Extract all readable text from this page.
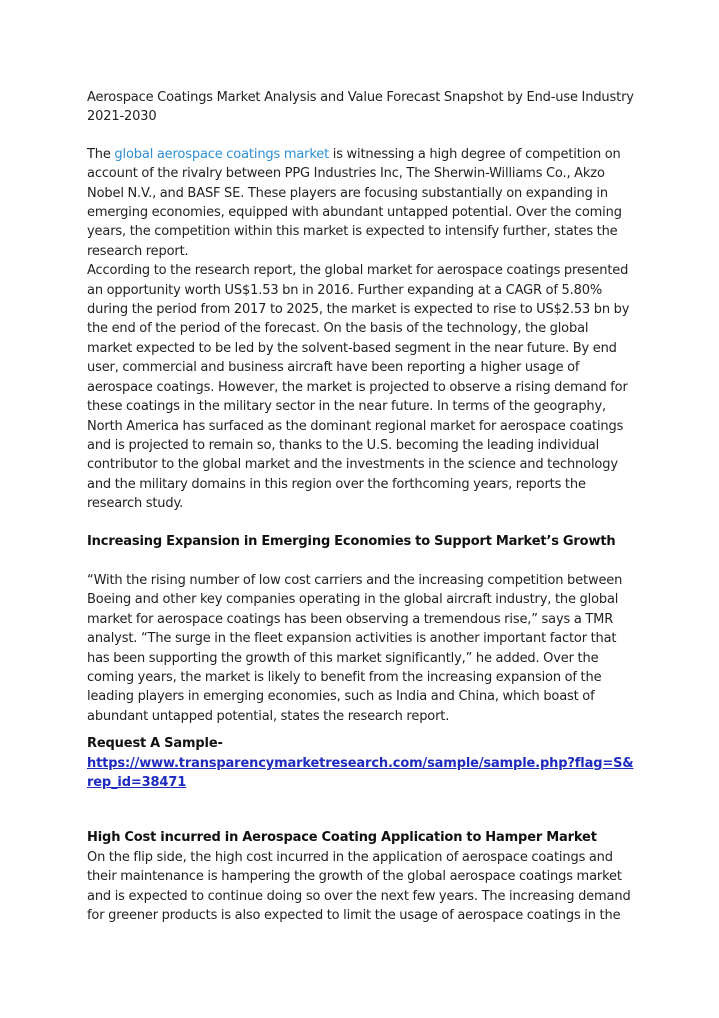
Aerospace Coatings Market Analysis and Value Forecast Snapshot by End-use Industry 2021-2030

The global aerospace coatings market is witnessing a high degree of competition on account of the rivalry between PPG Industries Inc, The Sherwin-Williams Co., Akzo Nobel N.V., and BASF SE. These players are focusing substantially on expanding in emerging economies, equipped with abundant untapped potential. Over the coming years, the competition within this market is expected to intensify further, states the research report.

According to the research report, the global market for aerospace coatings presented an opportunity worth US$1.53 bn in 2016. Further expanding at a CAGR of 5.80% during the period from 2017 to 2025, the market is expected to rise to US$2.53 bn by the end of the period of the forecast. On the basis of the technology, the global market expected to be led by the solvent-based segment in the near future. By end user, commercial and business aircraft have been reporting a higher usage of aerospace coatings. However, the market is projected to observe a rising demand for these coatings in the military sector in the near future. In terms of the geography, North America has surfaced as the dominant regional market for aerospace coatings and is projected to remain so, thanks to the U.S. becoming the leading individual contributor to the global market and the investments in the science and technology and the military domains in this region over the forthcoming years, reports the research study.

Increasing Expansion in Emerging Economies to Support Market’s Growth

“With the rising number of low cost carriers and the increasing competition between Boeing and other key companies operating in the global aircraft industry, the global market for aerospace coatings has been observing a tremendous rise,” says a TMR analyst. “The surge in the fleet expansion activities is another important factor that has been supporting the growth of this market significantly,” he added. Over the coming years, the market is likely to benefit from the increasing expansion of the leading players in emerging economies, such as India and China, which boast of abundant untapped potential, states the research report.

Request A Sample-

https://www.transparencymarketresearch.com/sample/sample.php?flag=S&rep_id=38471

High Cost incurred in Aerospace Coating Application to Hamper Market

On the flip side, the high cost incurred in the application of aerospace coatings and their maintenance is hampering the growth of the global aerospace coatings market and is expected to continue doing so over the next few years. The increasing demand for greener products is also expected to limit the usage of aerospace coatings in the
